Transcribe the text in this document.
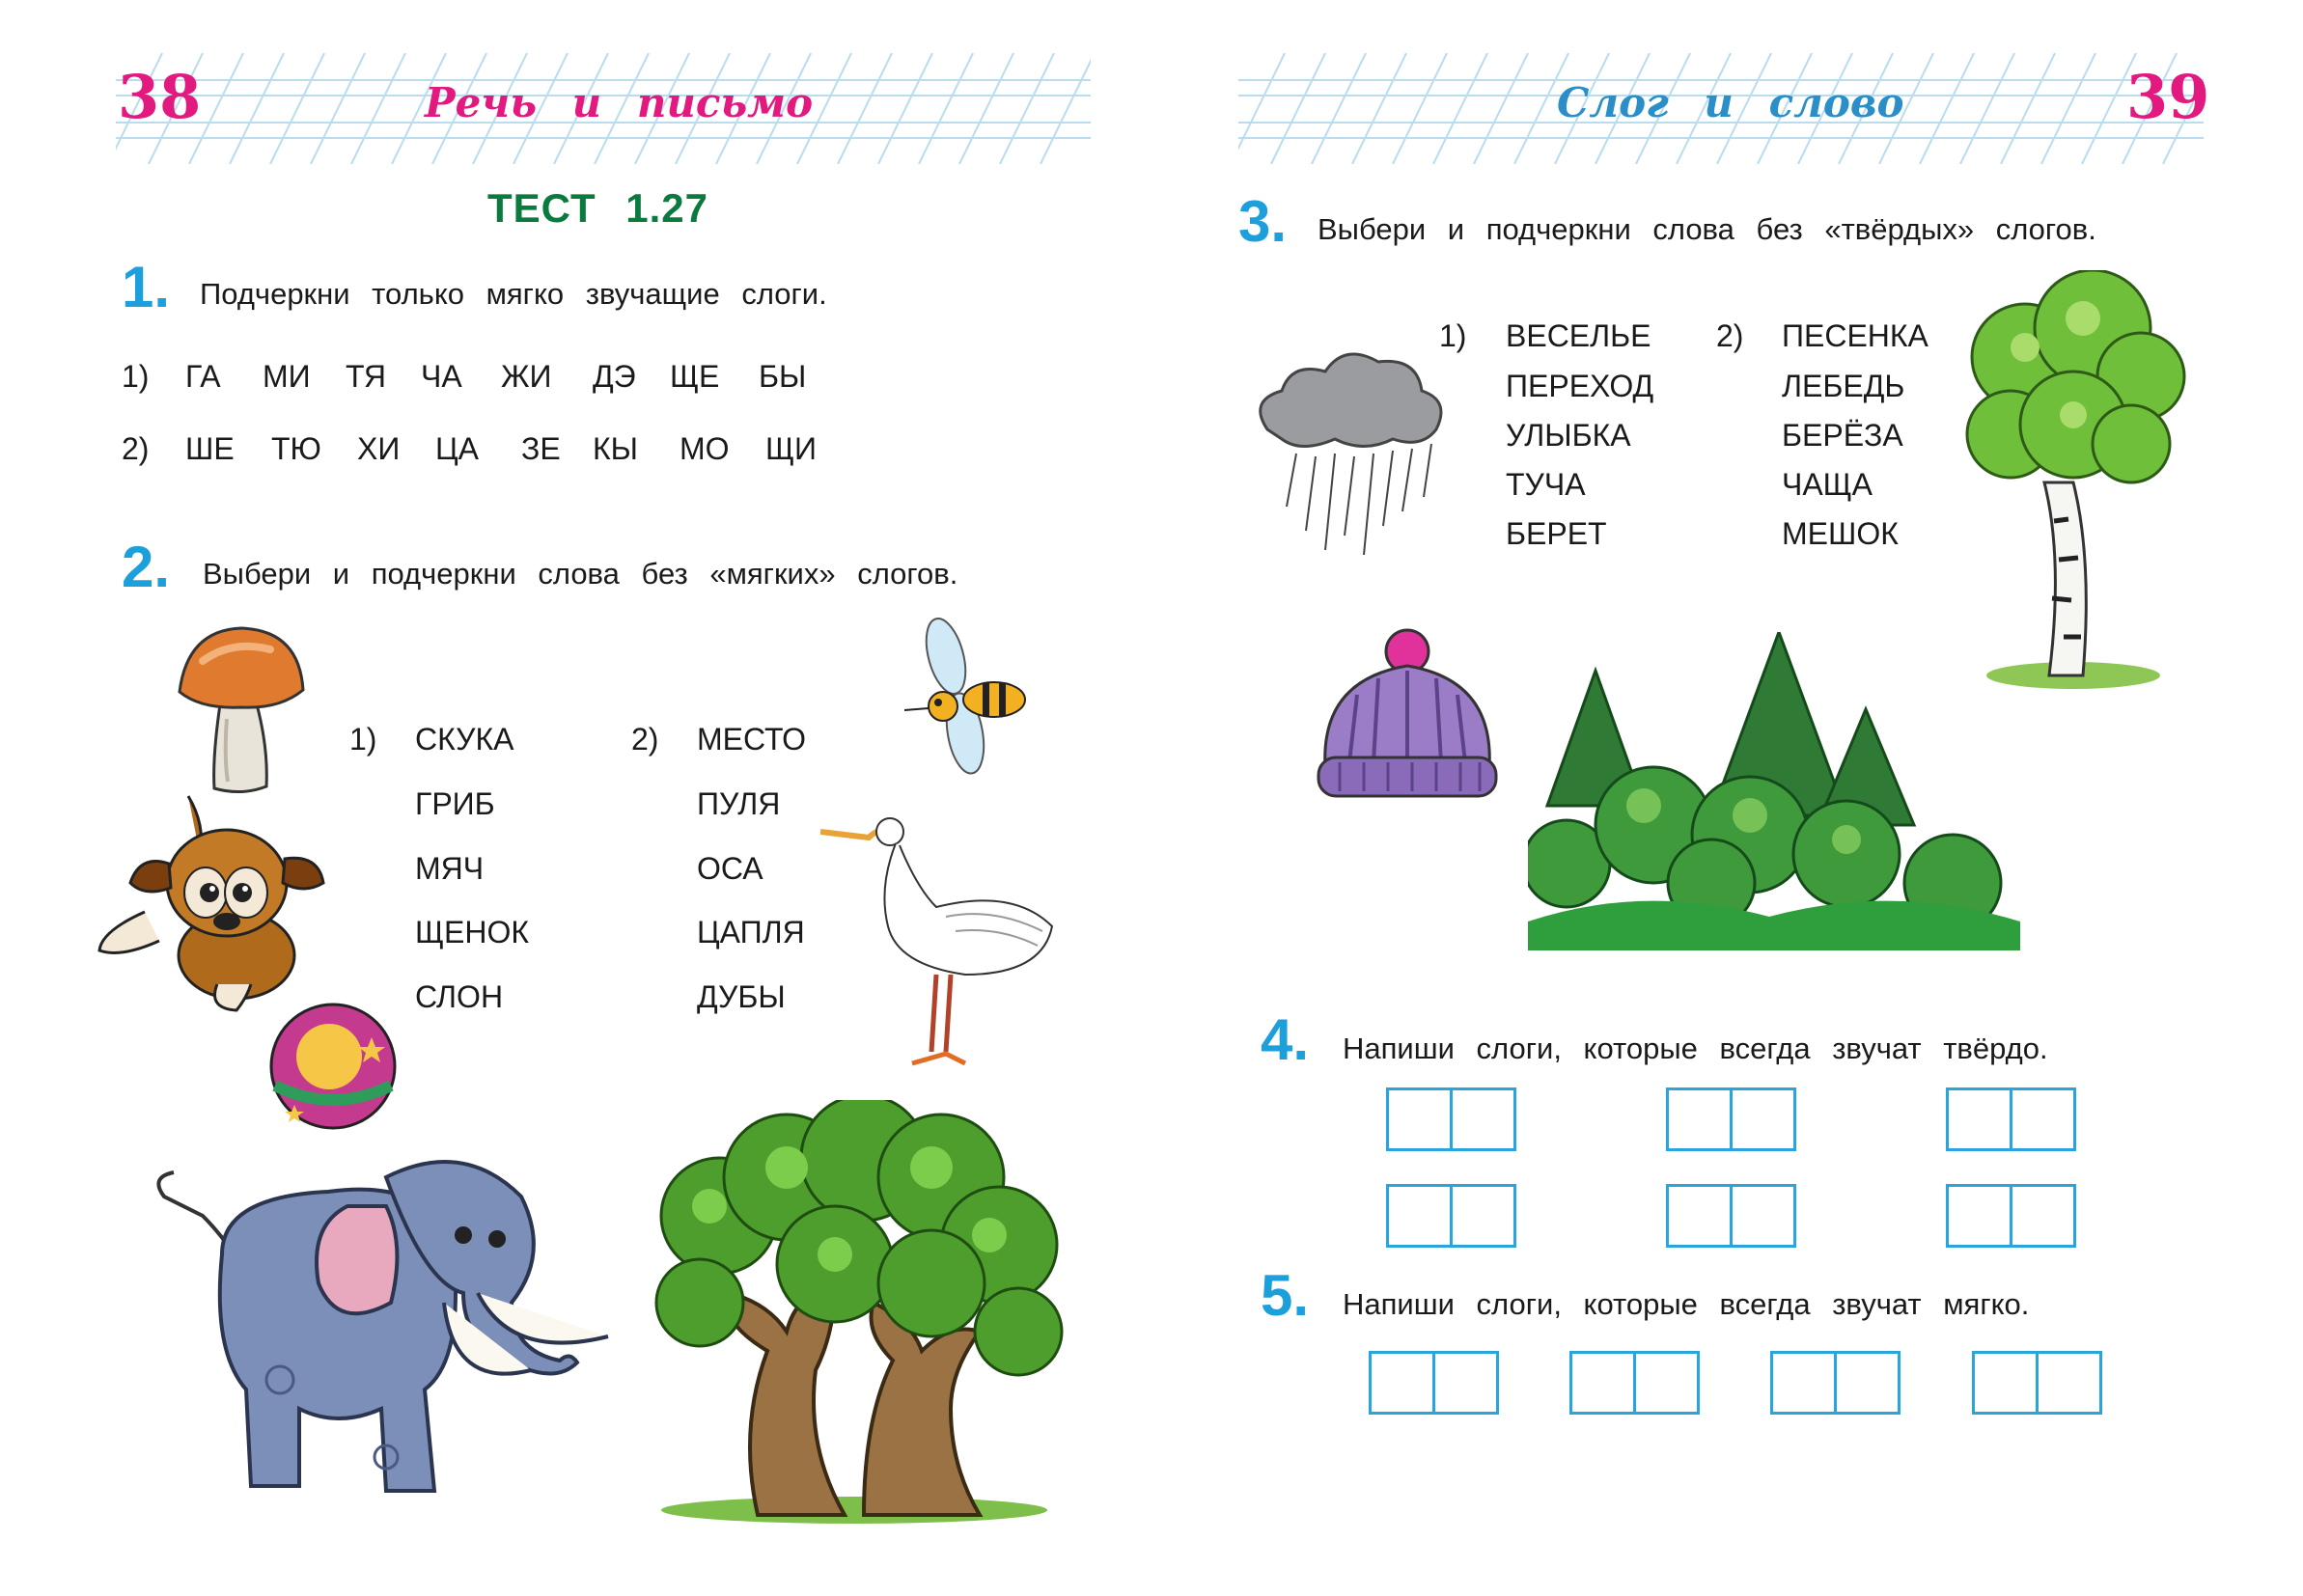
38	Речь и письмо
ТЕСТ 1.27
1. Подчеркни только мягко звучащие слоги.
1) ГА МИ ТЯ ЧА ЖИ ДЭ ЩЕ БЫ
2) ШЕ ТЮ ХИ ЦА ЗЕ КЫ МО ЩИ
2. Выбери и подчеркни слова без «мягких» слогов.
1) СКУКА
ГРИБ
МЯЧ
ЩЕНОК
СЛОН
2) МЕСТО
ПУЛЯ
ОСА
ЦАПЛЯ
ДУБЫ
Слог и слово	39
3. Выбери и подчеркни слова без «твёрдых» слогов.
1) ВЕСЕЛЬЕ
ПЕРЕХОД
УЛЫБКА
ТУЧА
БЕРЕТ
2) ПЕСЕНКА
ЛЕБЕДЬ
БЕРЁЗА
ЧАЩА
МЕШОК
4. Напиши слоги, которые всегда звучат твёрдо.
5. Напиши слоги, которые всегда звучат мягко.
